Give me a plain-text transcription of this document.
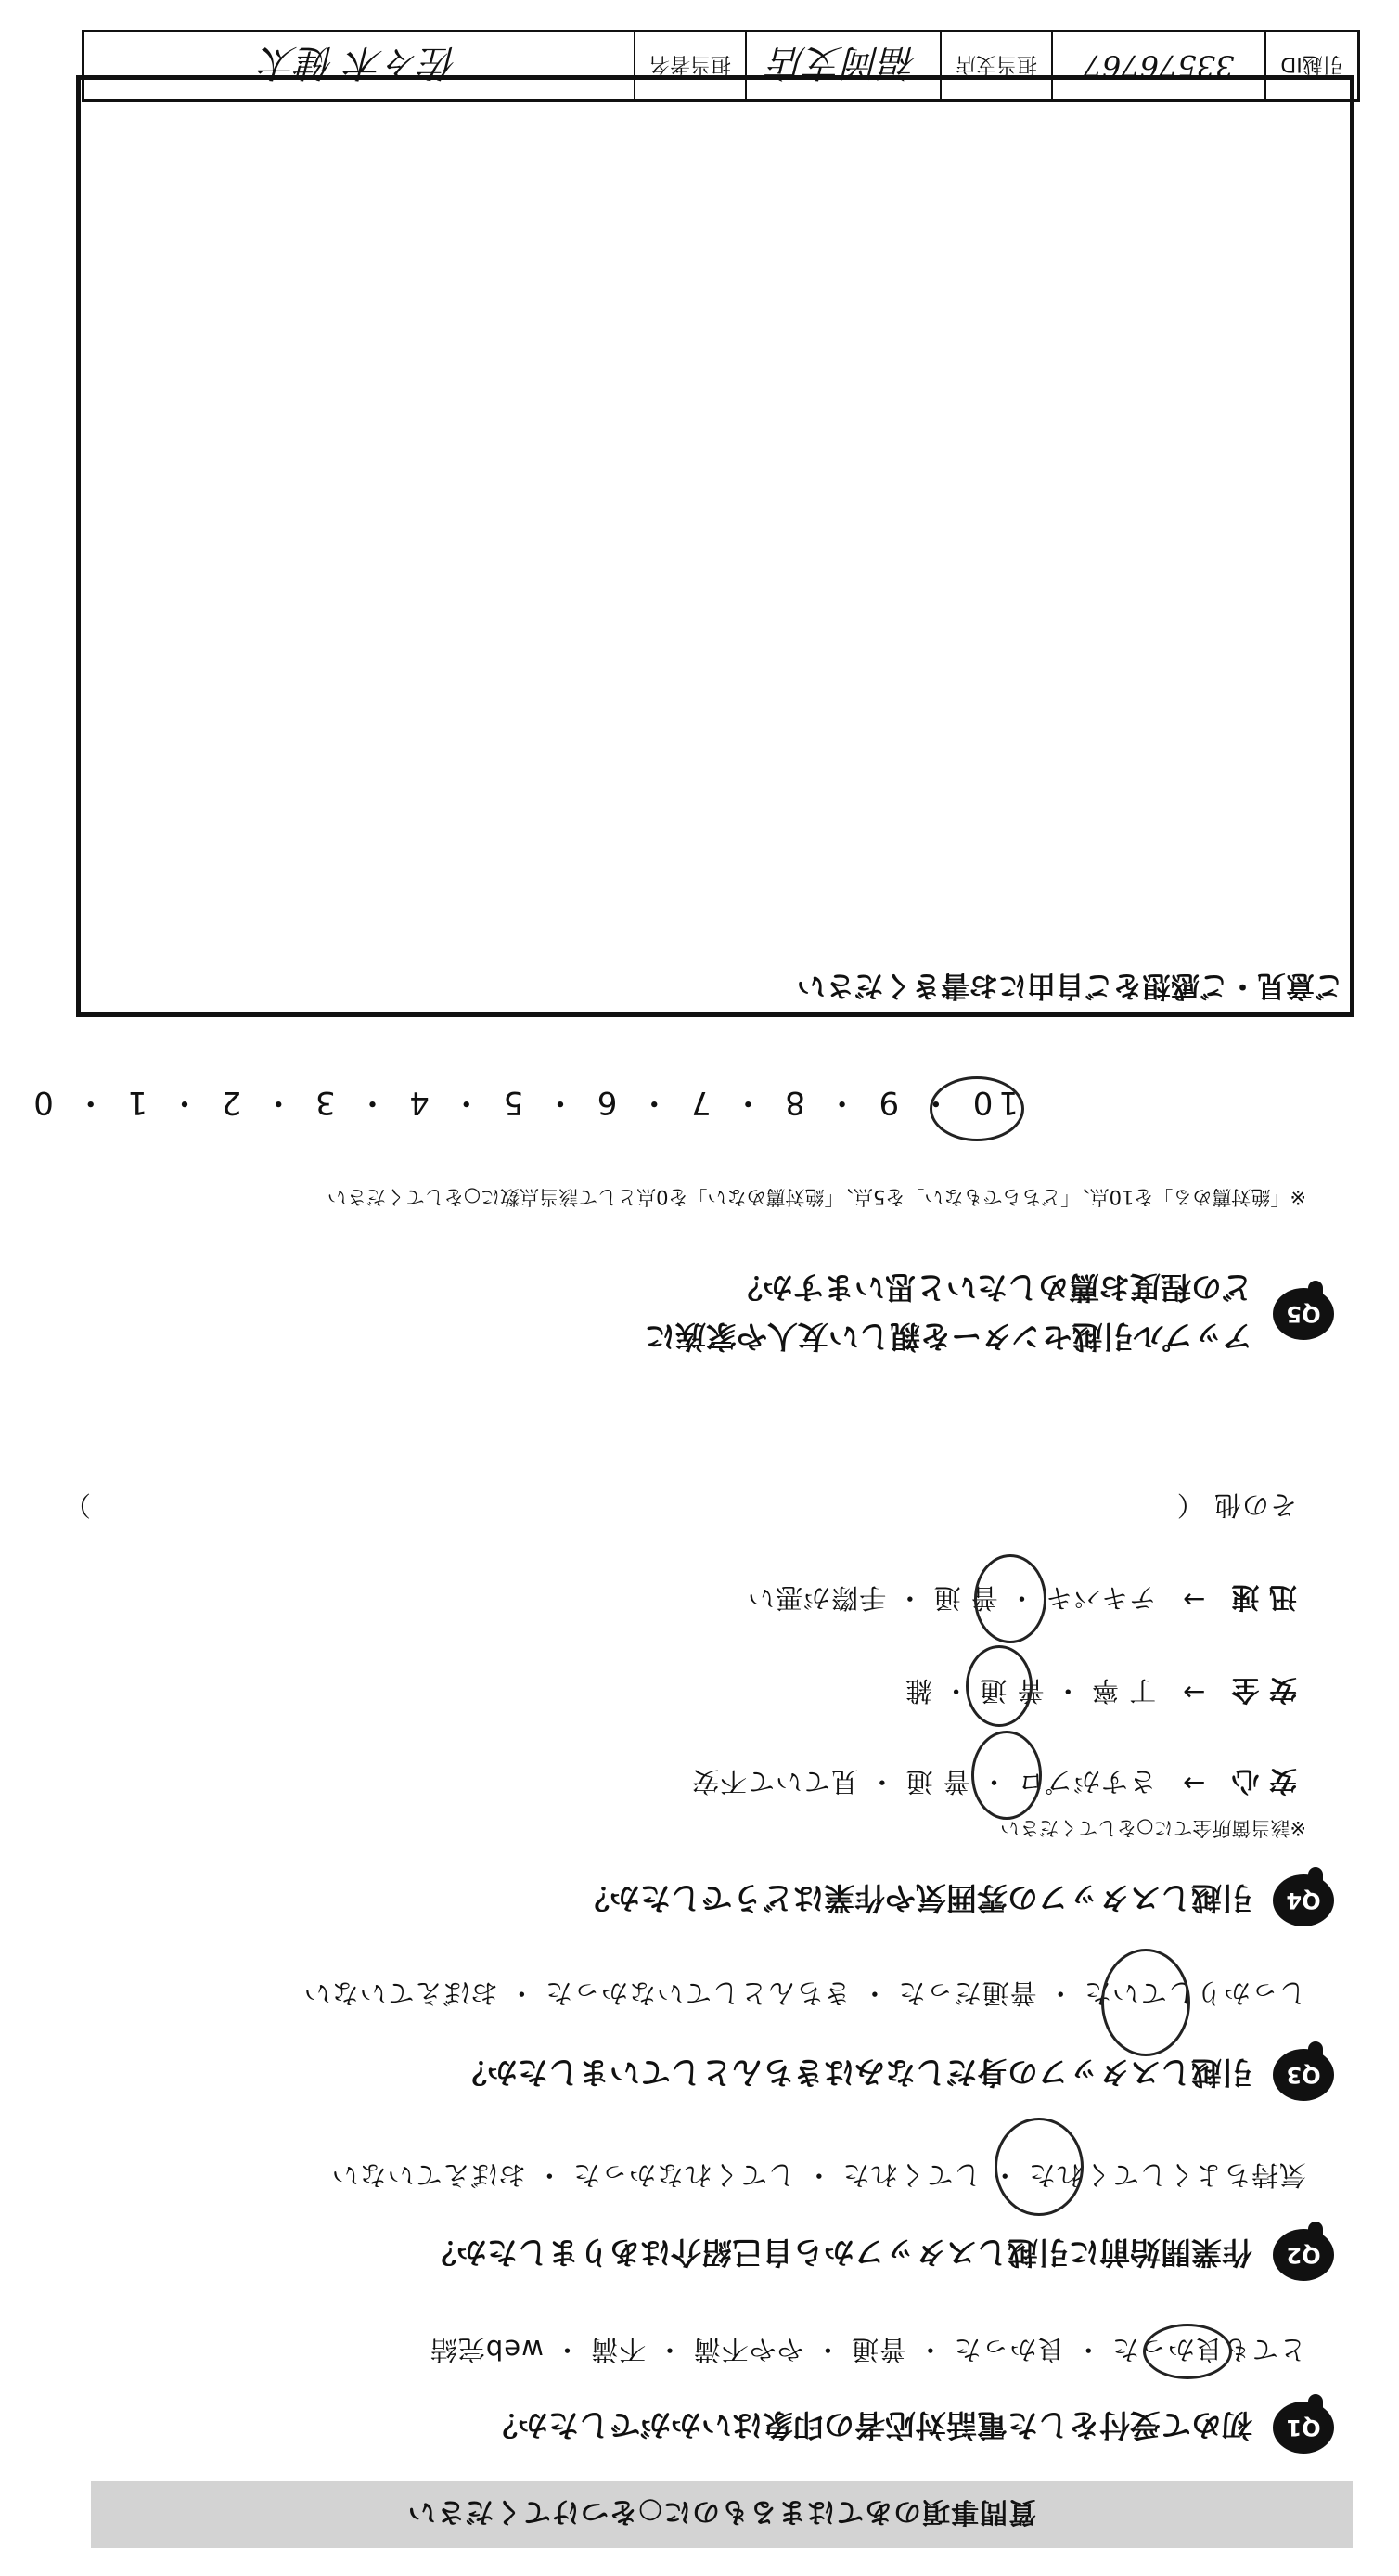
質問事項のあてはまるものに○をつけてください
Q1
初めて受付をした電話対応者の印象はいかがでしたか？
とても良かった ・ 良かった ・ 普通 ・ やや不満 ・ 不満 ・ web完結
Q2
作業開始前に引越しスタッフから自己紹介はありましたか？
気持ちよくしてくれた ・ してくれた ・ してくれなかった ・ おぼえていない
Q3
引越しスタッフの身だしなみはきちんとしていましたか？
しっかりしていた ・ 普通だった ・ きちんとしていなかった ・ おぼえていない
Q4
引越しスタッフの雰囲気や作業はどうでしたか？
※該当箇所全てに○をしてください
安 心
→
さすがプロ ・ 普 通 ・ 見ていて不安
安 全
→
丁 寧 ・ 普 通 ・ 雑
迅 速
→
テキパキ ・ 普 通 ・ 手際が悪い
その他 （
）
Q5
アップル引越センターを親しい友人や家族に
どの程度お薦めしたいと思いますか？
※「絶対薦める」を10点、「どちらでもない」を5点、「絶対薦めない」を0点として該当点数に○をしてください
10 ・ 9 ・ 8 ・ 7 ・ 6 ・ 5 ・ 4 ・ 3 ・ 2 ・ 1 ・ 0
ご意見・ご感想をご自由にお書きください
引越ID
33576767
担当支店
福岡支店
担当者名
佐々木 健太
